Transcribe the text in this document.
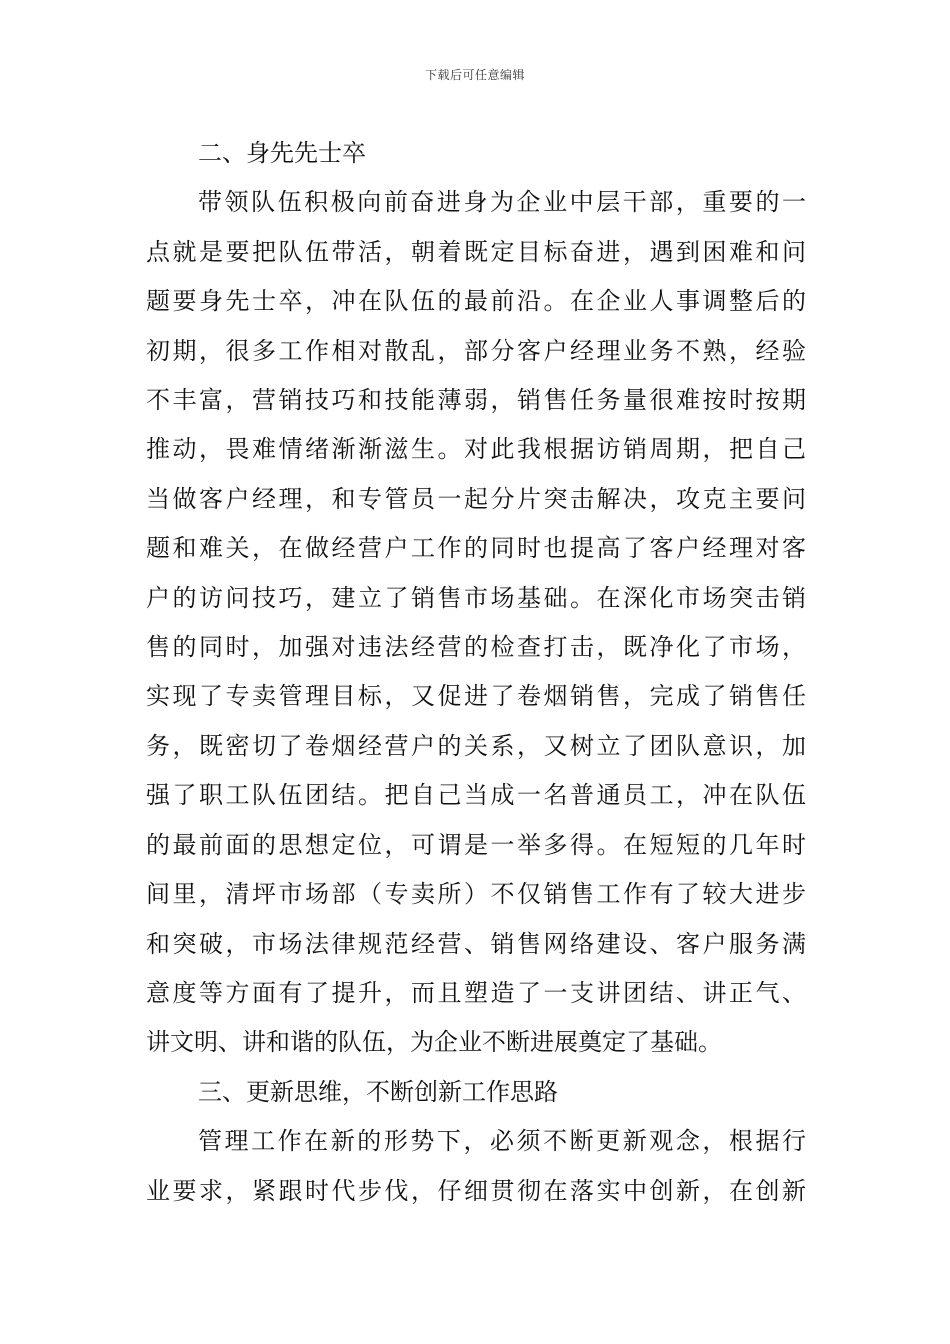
下载后可任意编辑

二、身先先士卒

带领队伍积极向前奋进身为企业中层干部，重要的一
点就是要把队伍带活，朝着既定目标奋进，遇到困难和问
题要身先士卒，冲在队伍的最前沿。在企业人事调整后的
初期，很多工作相对散乱，部分客户经理业务不熟，经验
不丰富，营销技巧和技能薄弱，销售任务量很难按时按期
推动，畏难情绪渐渐滋生。对此我根据访销周期，把自己
当做客户经理，和专管员一起分片突击解决，攻克主要问
题和难关，在做经营户工作的同时也提高了客户经理对客
户的访问技巧，建立了销售市场基础。在深化市场突击销
售的同时，加强对违法经营的检查打击，既净化了市场，
实现了专卖管理目标，又促进了卷烟销售，完成了销售任
务，既密切了卷烟经营户的关系，又树立了团队意识，加
强了职工队伍团结。把自己当成一名普通员工，冲在队伍
的最前面的思想定位，可谓是一举多得。在短短的几年时
间里，清坪市场部（专卖所）不仅销售工作有了较大进步
和突破，市场法律规范经营、销售网络建设、客户服务满
意度等方面有了提升，而且塑造了一支讲团结、讲正气、
讲文明、讲和谐的队伍，为企业不断进展奠定了基础。

三、更新思维，不断创新工作思路

管理工作在新的形势下，必须不断更新观念，根据行
业要求，紧跟时代步伐，仔细贯彻在落实中创新，在创新
